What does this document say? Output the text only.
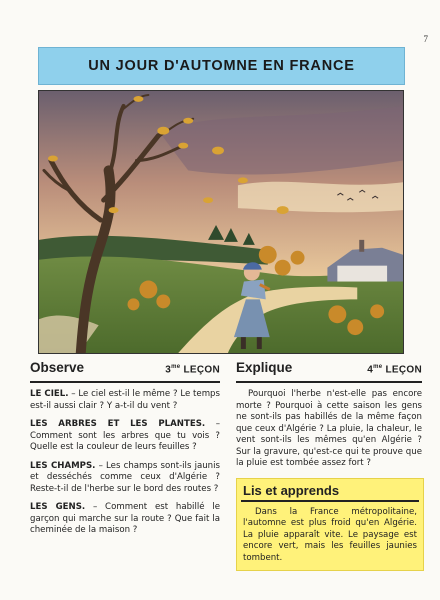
7
UN JOUR D'AUTOMNE EN FRANCE
Observe	$3^{me}$ LEÇON

LE CIEL. – Le ciel est-il le même ? Le temps est-il aussi clair ? Y a-t-il du vent ?

LES ARBRES ET LES PLANTES. – Comment sont les arbres que tu vois ? Quelle est la couleur de leurs feuilles ?

LES CHAMPS. – Les champs sont-ils jaunis et desséchés comme ceux d'Algérie ? Reste-t-il de l'herbe sur le bord des routes ?

LES GENS. – Comment est habillé le garçon qui marche sur la route ? Que fait la cheminée de la maison ?

Explique	$4^{me}$ LEÇON

Pourquoi l'herbe n'est-elle pas encore morte ? Pourquoi à cette saison les gens ne sont-ils pas habillés de la même façon que ceux d'Algérie ? La pluie, la chaleur, le vent sont-ils les mêmes qu'en Algérie ? Sur la gravure, qu'est-ce qui te prouve que la pluie est tombée assez fort ?

Lis et apprends
Dans la France métropolitaine, l'automne est plus froid qu'en Algérie. La pluie apparaît vite. Le paysage est encore vert, mais les feuilles jaunies tombent.
